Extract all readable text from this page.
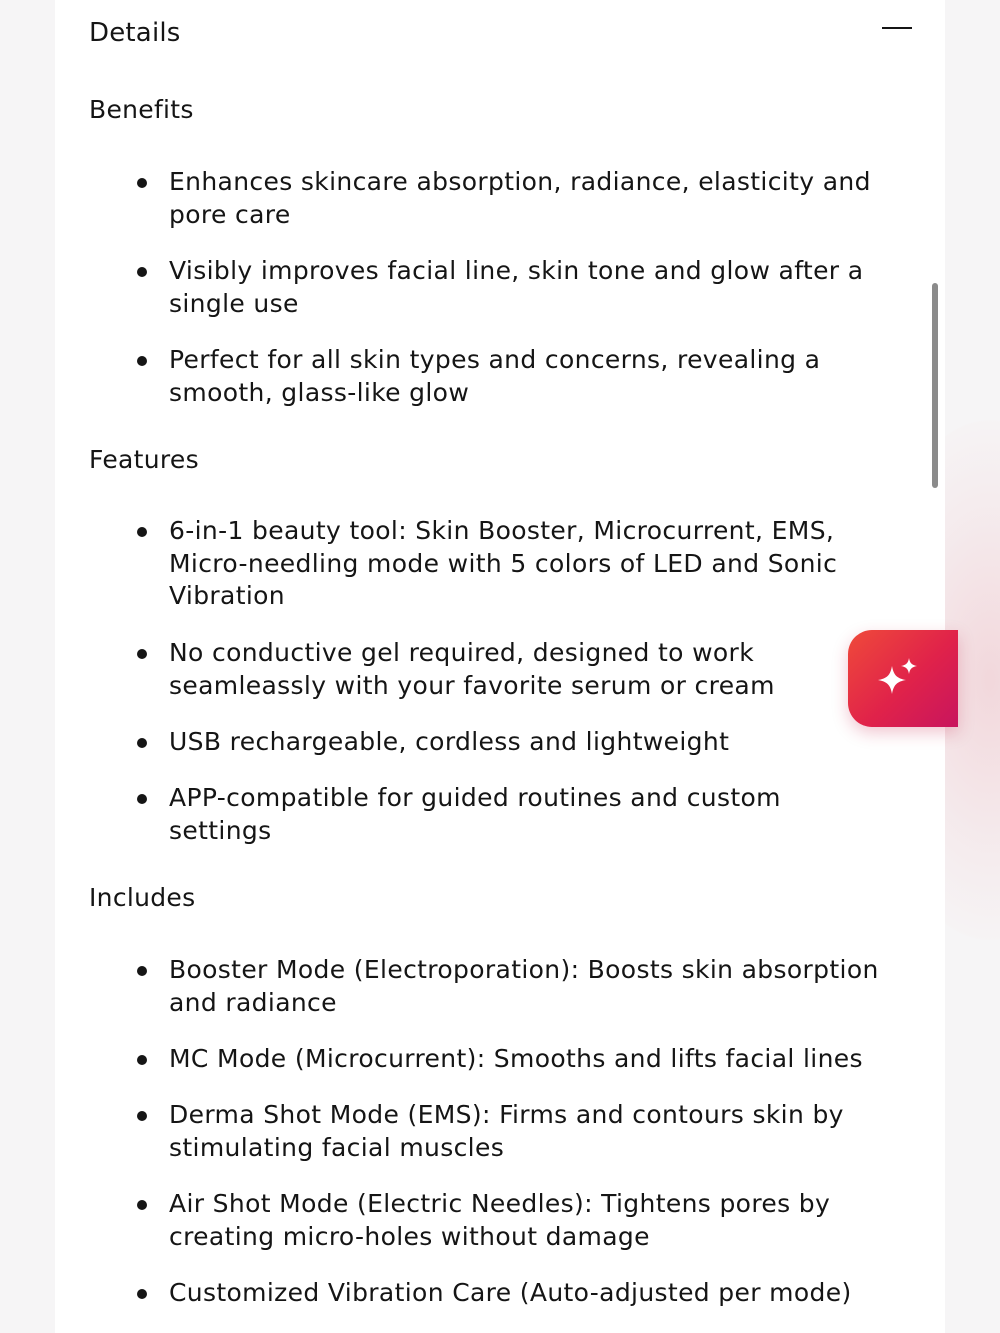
Details
Benefits
Enhances skincare absorption, radiance, elasticity and pore care
Visibly improves facial line, skin tone and glow after a single use
Perfect for all skin types and concerns, revealing a smooth, glass-like glow
Features
6-in-1 beauty tool: Skin Booster, Microcurrent, EMS, Micro-needling mode with 5 colors of LED and Sonic Vibration
No conductive gel required, designed to work seamleassly with your favorite serum or cream
USB rechargeable, cordless and lightweight
APP-compatible for guided routines and custom settings
Includes
Booster Mode (Electroporation): Boosts skin absorption and radiance
MC Mode (Microcurrent): Smooths and lifts facial lines
Derma Shot Mode (EMS): Firms and contours skin by stimulating facial muscles
Air Shot Mode (Electric Needles): Tightens pores by creating micro-holes without damage
Customized Vibration Care (Auto-adjusted per mode)
